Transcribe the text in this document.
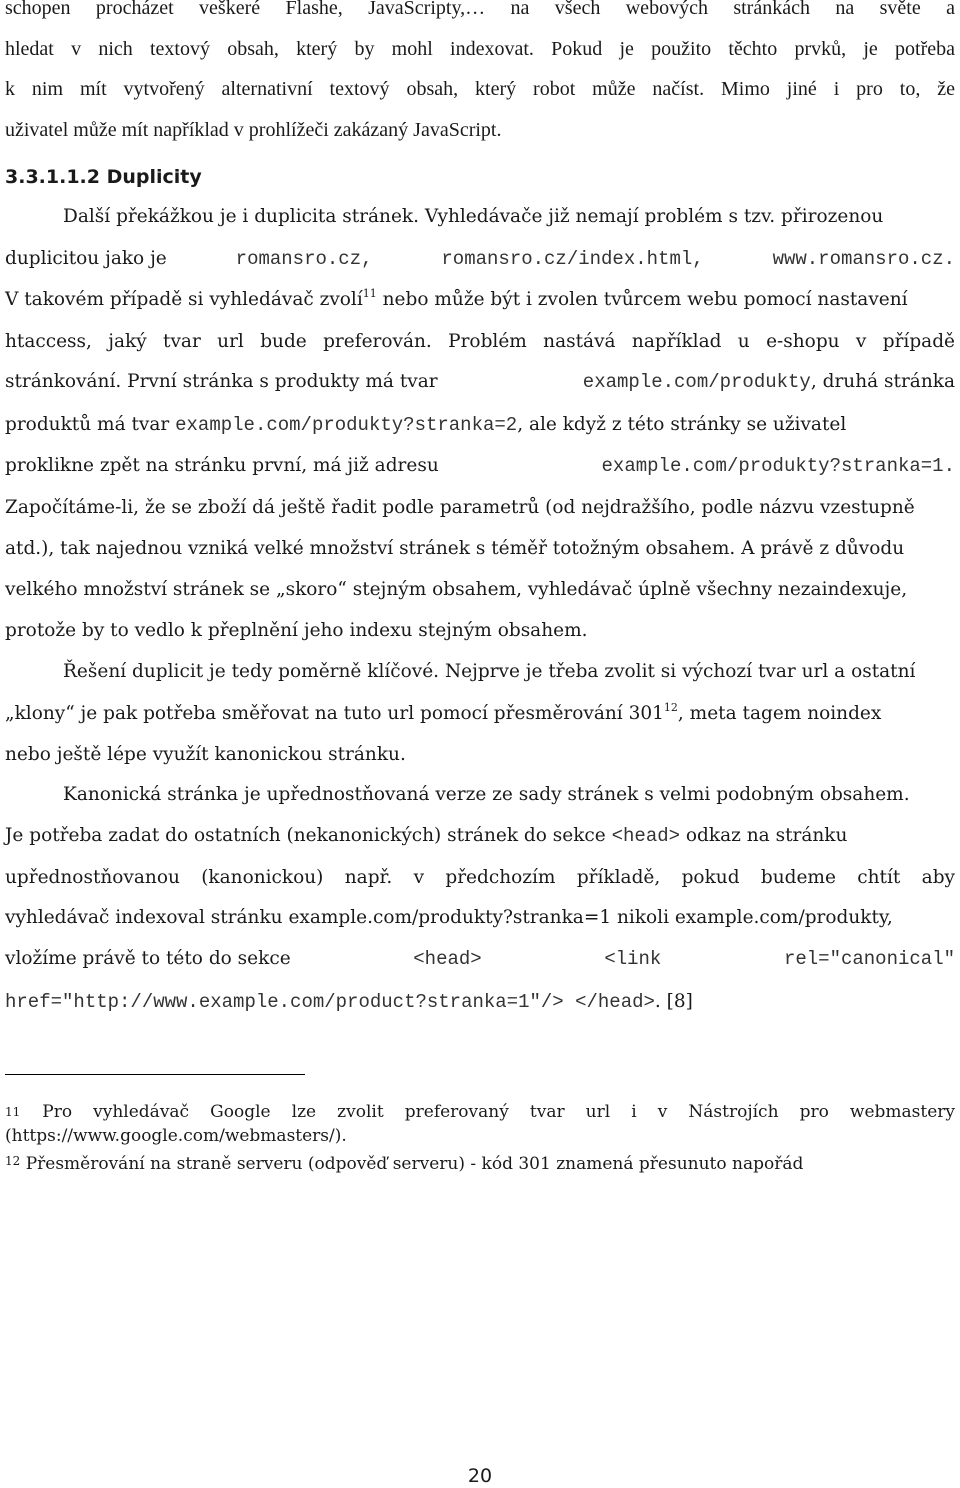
schopen procházet veškeré Flashe, JavaScripty,… na všech webových stránkách na světe a
hledat v nich textový obsah, který by mohl indexovat. Pokud je použito těchto prvků, je potřeba
k nim mít vytvořený alternativní textový obsah, který robot může načíst. Mimo jiné i pro to, že
uživatel může mít například v prohlížeči zakázaný JavaScript.
3.3.1.1.2 Duplicity
Další překážkou je i duplicita stránek. Vyhledávače již nemají problém s tzv. přirozenou
duplicitou jako je	romansro.cz,	romansro.cz/index.html,	www.romansro.cz.
V takovém případě si vyhledávač zvolí$^{11}$ nebo může být i zvolen tvůrcem webu pomocí nastavení
htaccess, jaký tvar url bude preferován. Problém nastává například u e-shopu v případě
stránkování. První stránka s produkty má tvar	example.com/produkty, druhá stránka
produktů má tvar example.com/produkty?stranka=2, ale když z této stránky se uživatel
proklikne zpět na stránku první, má již adresu	example.com/produkty?stranka=1.
Započítáme-li, že se zboží dá ještě řadit podle parametrů (od nejdražšího, podle názvu vzestupně
atd.), tak najednou vzniká velké množství stránek s téměř totožným obsahem. A právě z důvodu
velkého množství stránek se „skoro“ stejným obsahem, vyhledávač úplně všechny nezaindexuje,
protože by to vedlo k přeplnění jeho indexu stejným obsahem.
Řešení duplicit je tedy poměrně klíčové. Nejprve je třeba zvolit si výchozí tvar url a ostatní
„klony“ je pak potřeba směřovat na tuto url pomocí přesměrování $301^{12}$, meta tagem noindex
nebo ještě lépe využít kanonickou stránku.
Kanonická stránka je upřednostňovaná verze ze sady stránek s velmi podobným obsahem.
Je potřeba zadat do ostatních (nekanonických) stránek do sekce <head> odkaz na stránku
upřednostňovanou (kanonickou) např. v předchozím příkladě, pokud budeme chtít aby
vyhledávač indexoval stránku example.com/produkty?stranka=1 nikoli example.com/produkty,
vložíme právě to této do sekce	<head>	<link	rel="canonical"
href="http://www.example.com/product?stranka=1"/> </head>. [8]
$^{11}$ Pro vyhledávač Google lze zvolit preferovaný tvar url i v Nástrojích pro webmastery
(https://www.google.com/webmasters/).
$^{12}$ Přesměrování na straně serveru (odpověď serveru) - kód 301 znamená přesunuto napořád
20
